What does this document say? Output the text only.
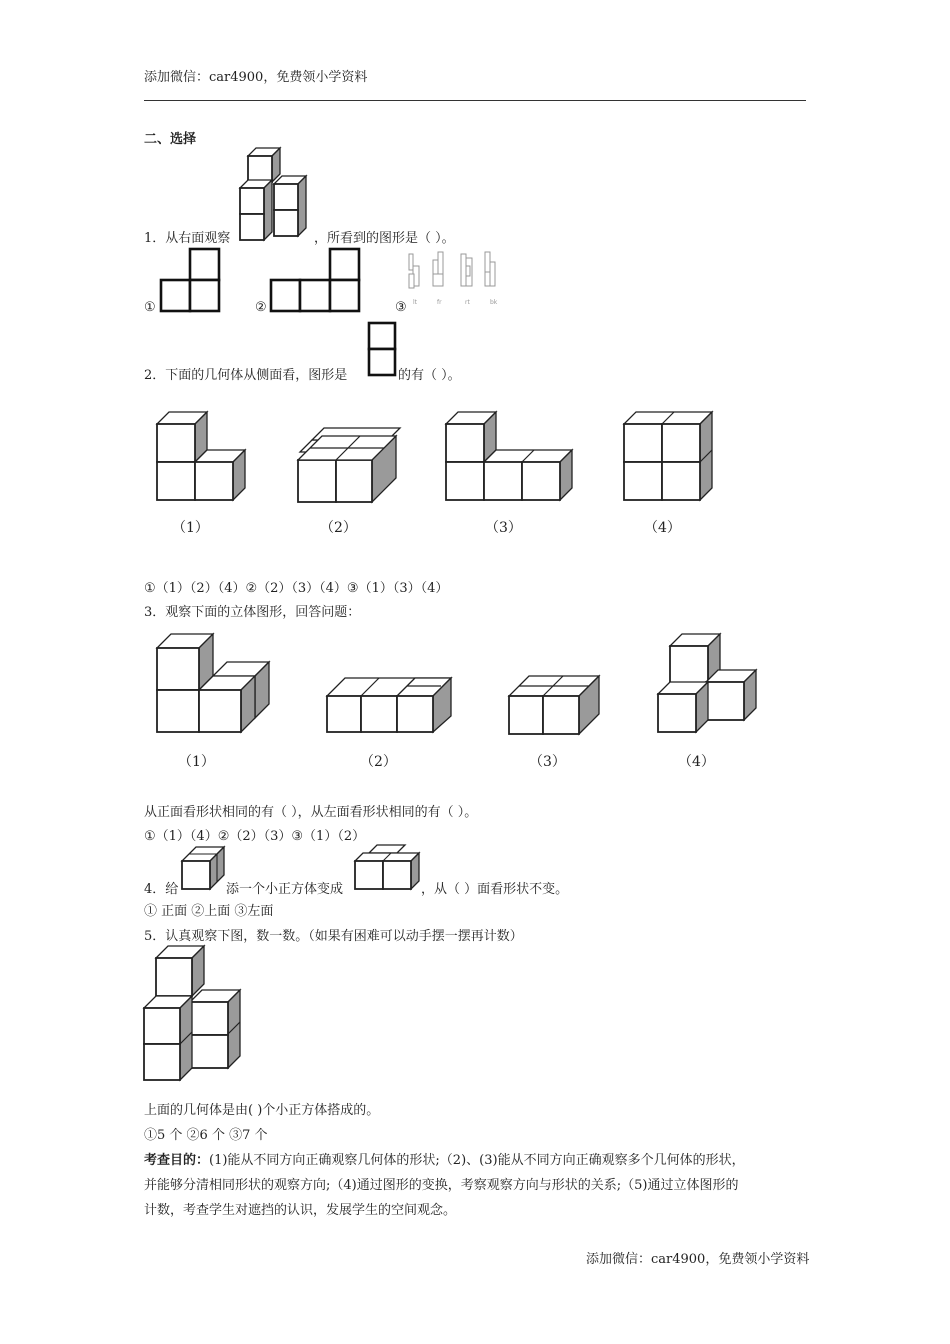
添加微信：car4900，免费领小学资料
二、选择
1．从右面观察	，所看到的图形是（ ）。
①	②	③ lt	fr	rt	bk
2．下面的几何体从侧面看，图形是	的有（ ）。
（1）	（2）	（3）	（4）
①（1）（2）（4）②（2）（3）（4）③（1）（3）（4）
3．观察下面的立体图形，回答问题：
（1）	（2）	（3）	（4）
从正面看形状相同的有（ ），从左面看形状相同的有（ ）。
①（1）（4）②（2）（3）③（1）（2）
4．给	添一个小正方体变成	，从（ ）面看形状不变。
① 正面 ②上面 ③左面
5．认真观察下图，数一数。（如果有困难可以动手摆一摆再计数）
上面的几何体是由( )个小正方体搭成的。
①5 个 ②6 个 ③7 个
考查目的：(1)能从不同方向正确观察几何体的形状;（2)、(3)能从不同方向正确观察多个几何体的形状，
并能够分清相同形状的观察方向;（4)通过图形的变换，考察观察方向与形状的关系;（5)通过立体图形的
计数，考查学生对遮挡的认识，发展学生的空间观念。
添加微信：car4900，免费领小学资料
